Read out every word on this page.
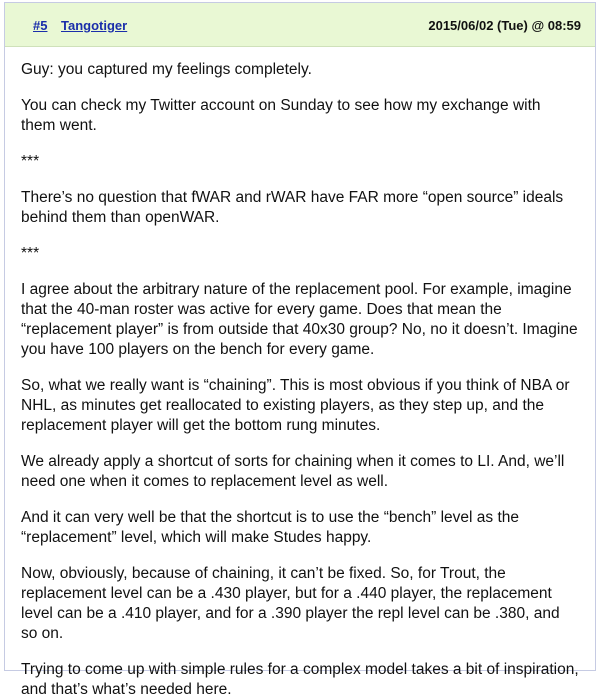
#5 Tangotiger	2015/06/02 (Tue) @ 08:59

Guy: you captured my feelings completely.

You can check my Twitter account on Sunday to see how my exchange with them went.

***

There’s no question that fWAR and rWAR have FAR more “open source” ideals behind them than openWAR.

***

I agree about the arbitrary nature of the replacement pool. For example, imagine that the 40-man roster was active for every game. Does that mean the “replacement player” is from outside that 40x30 group? No, no it doesn’t. Imagine you have 100 players on the bench for every game.

So, what we really want is “chaining”. This is most obvious if you think of NBA or NHL, as minutes get reallocated to existing players, as they step up, and the replacement player will get the bottom rung minutes.

We already apply a shortcut of sorts for chaining when it comes to LI. And, we’ll need one when it comes to replacement level as well.

And it can very well be that the shortcut is to use the “bench” level as the “replacement” level, which will make Studes happy.

Now, obviously, because of chaining, it can’t be fixed. So, for Trout, the replacement level can be a .430 player, but for a .440 player, the replacement level can be a .410 player, and for a .390 player the repl level can be .380, and so on.

Trying to come up with simple rules for a complex model takes a bit of inspiration, and that’s what’s needed here.
